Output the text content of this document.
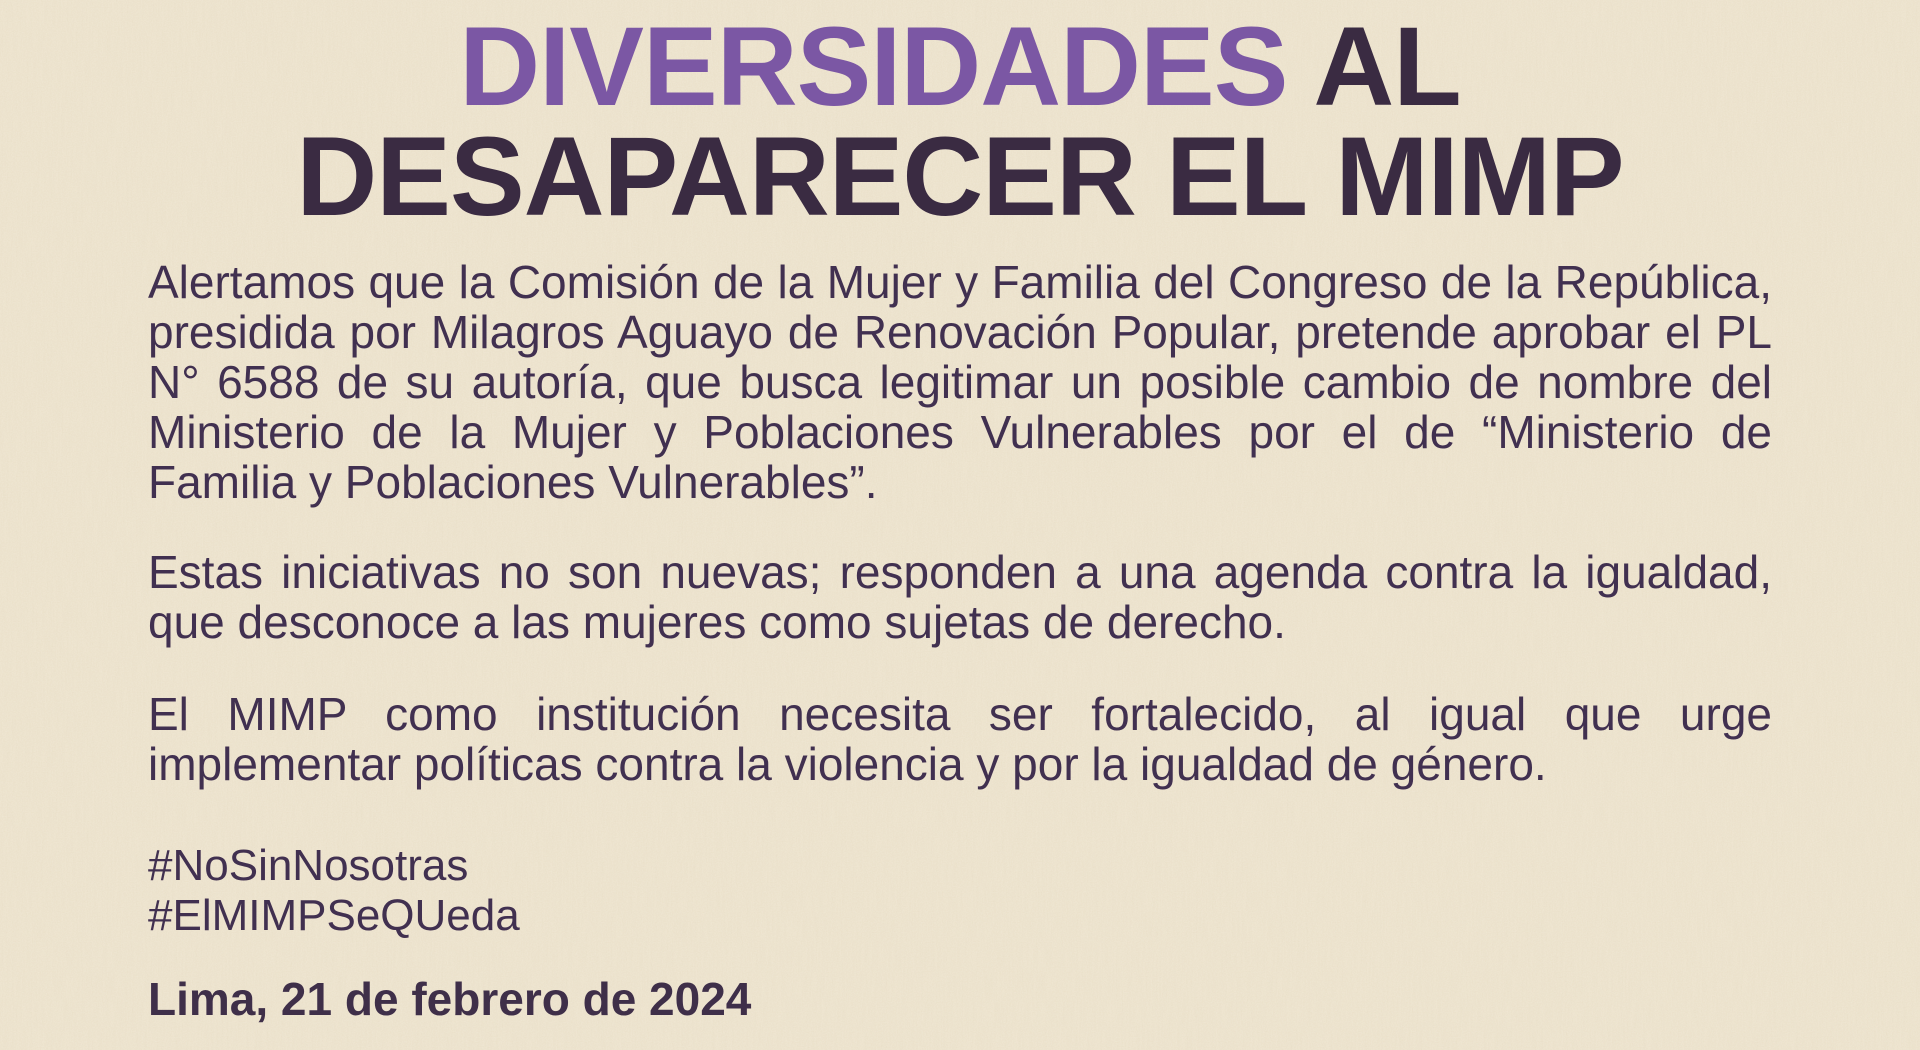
DIVERSIDADES AL
DESAPARECER EL MIMP

Alertamos que la Comisión de la Mujer y Familia del Congreso de la República, presidida por Milagros Aguayo de Renovación Popular, pretende aprobar el PL N° 6588 de su autoría, que busca legitimar un posible cambio de nombre del Ministerio de la Mujer y Poblaciones Vulnerables por el de “Ministerio de Familia y Poblaciones Vulnerables”.

Estas iniciativas no son nuevas; responden a una agenda contra la igualdad, que desconoce a las mujeres como sujetas de derecho.

El MIMP como institución necesita ser fortalecido, al igual que urge implementar políticas contra la violencia y por la igualdad de género.

#NoSinNosotras
#ElMIMPSeQUeda
Lima, 21 de febrero de 2024
